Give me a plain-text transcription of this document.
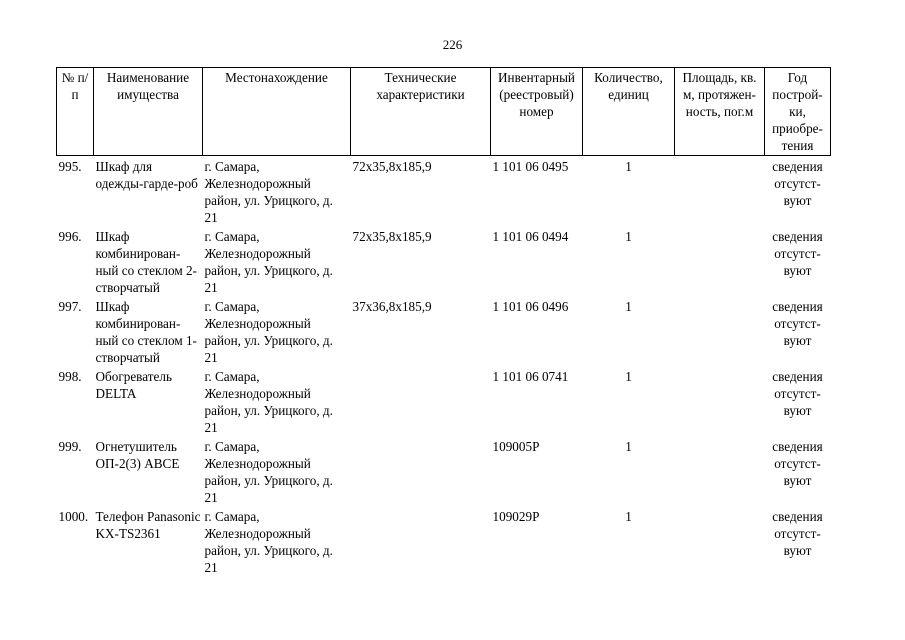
226
№ п/п	Наименование имущества	Местонахождение	Технические характеристики	Инвентарный (реестровый) номер	Количество, единиц	Площадь, кв. м, протяжен-ность, пог.м	Год построй-ки, приобре-тения

995.	Шкаф для одежды-гарде-роб	г. Самара, Железнодорожный район, ул. Урицкого, д. 21	72х35,8х185,9	1 101 06 0495	1		сведения отсутст-вуют
996.	Шкаф комбинирован-ный со стеклом 2-створчатый	г. Самара, Железнодорожный район, ул. Урицкого, д. 21	72х35,8х185,9	1 101 06 0494	1		сведения отсутст-вуют
997.	Шкаф комбинирован-ный со стеклом 1-створчатый	г. Самара, Железнодорожный район, ул. Урицкого, д. 21	37х36,8х185,9	1 101 06 0496	1		сведения отсутст-вуют
998.	Обогреватель DELTA	г. Самара, Железнодорожный район, ул. Урицкого, д. 21		1 101 06 0741	1		сведения отсутст-вуют
999.	Огнетушитель ОП-2(3) АВСЕ	г. Самара, Железнодорожный район, ул. Урицкого, д. 21		109005Р	1		сведения отсутст-вуют
1000.	Телефон Panasonic KX-TS2361	г. Самара, Железнодорожный район, ул. Урицкого, д. 21		109029Р	1		сведения отсутст-вуют
